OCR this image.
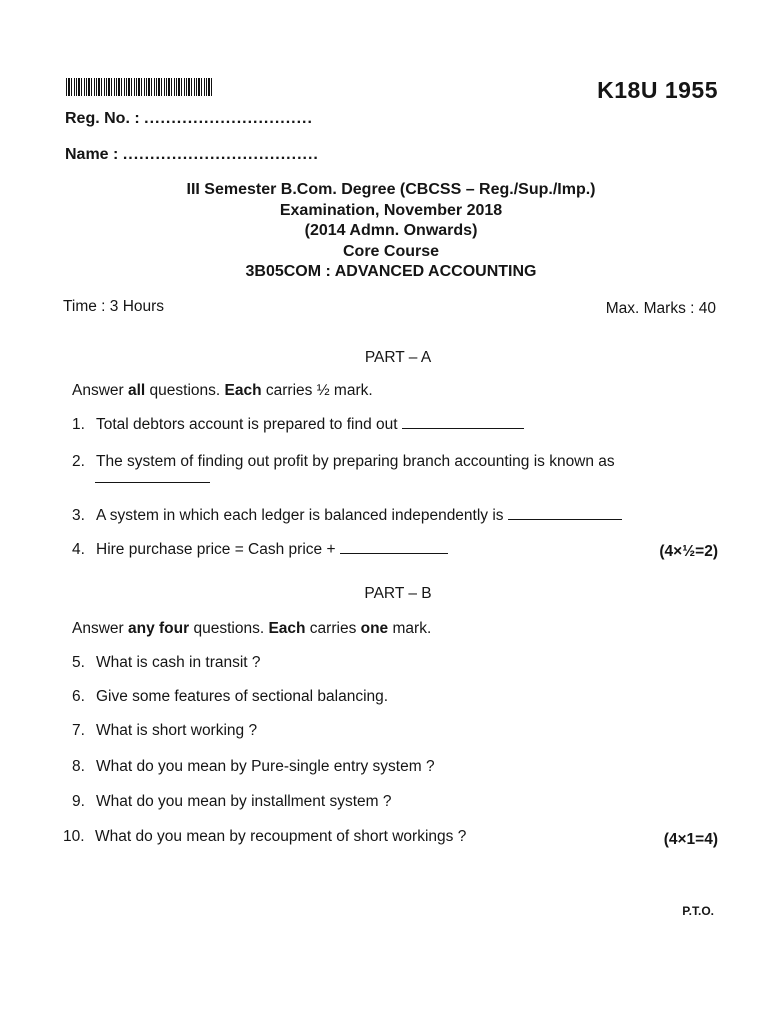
K18U 1955
Reg. No. : ...............................
Name : ....................................
III Semester B.Com. Degree (CBCSS – Reg./Sup./Imp.)
Examination, November 2018
(2014 Admn. Onwards)
Core Course
3B05COM : ADVANCED ACCOUNTING
Time : 3 Hours	Max. Marks : 40
PART – A
Answer all questions. Each carries ½ mark.
1. Total debtors account is prepared to find out
2. The system of finding out profit by preparing branch accounting is known as
3. A system in which each ledger is balanced independently is
4. Hire purchase price = Cash price +	(4×½=2)
PART – B
Answer any four questions. Each carries one mark.
5. What is cash in transit ?
6. Give some features of sectional balancing.
7. What is short working ?
8. What do you mean by Pure-single entry system ?
9. What do you mean by installment system ?
10. What do you mean by recoupment of short workings ?	(4×1=4)
P.T.O.
